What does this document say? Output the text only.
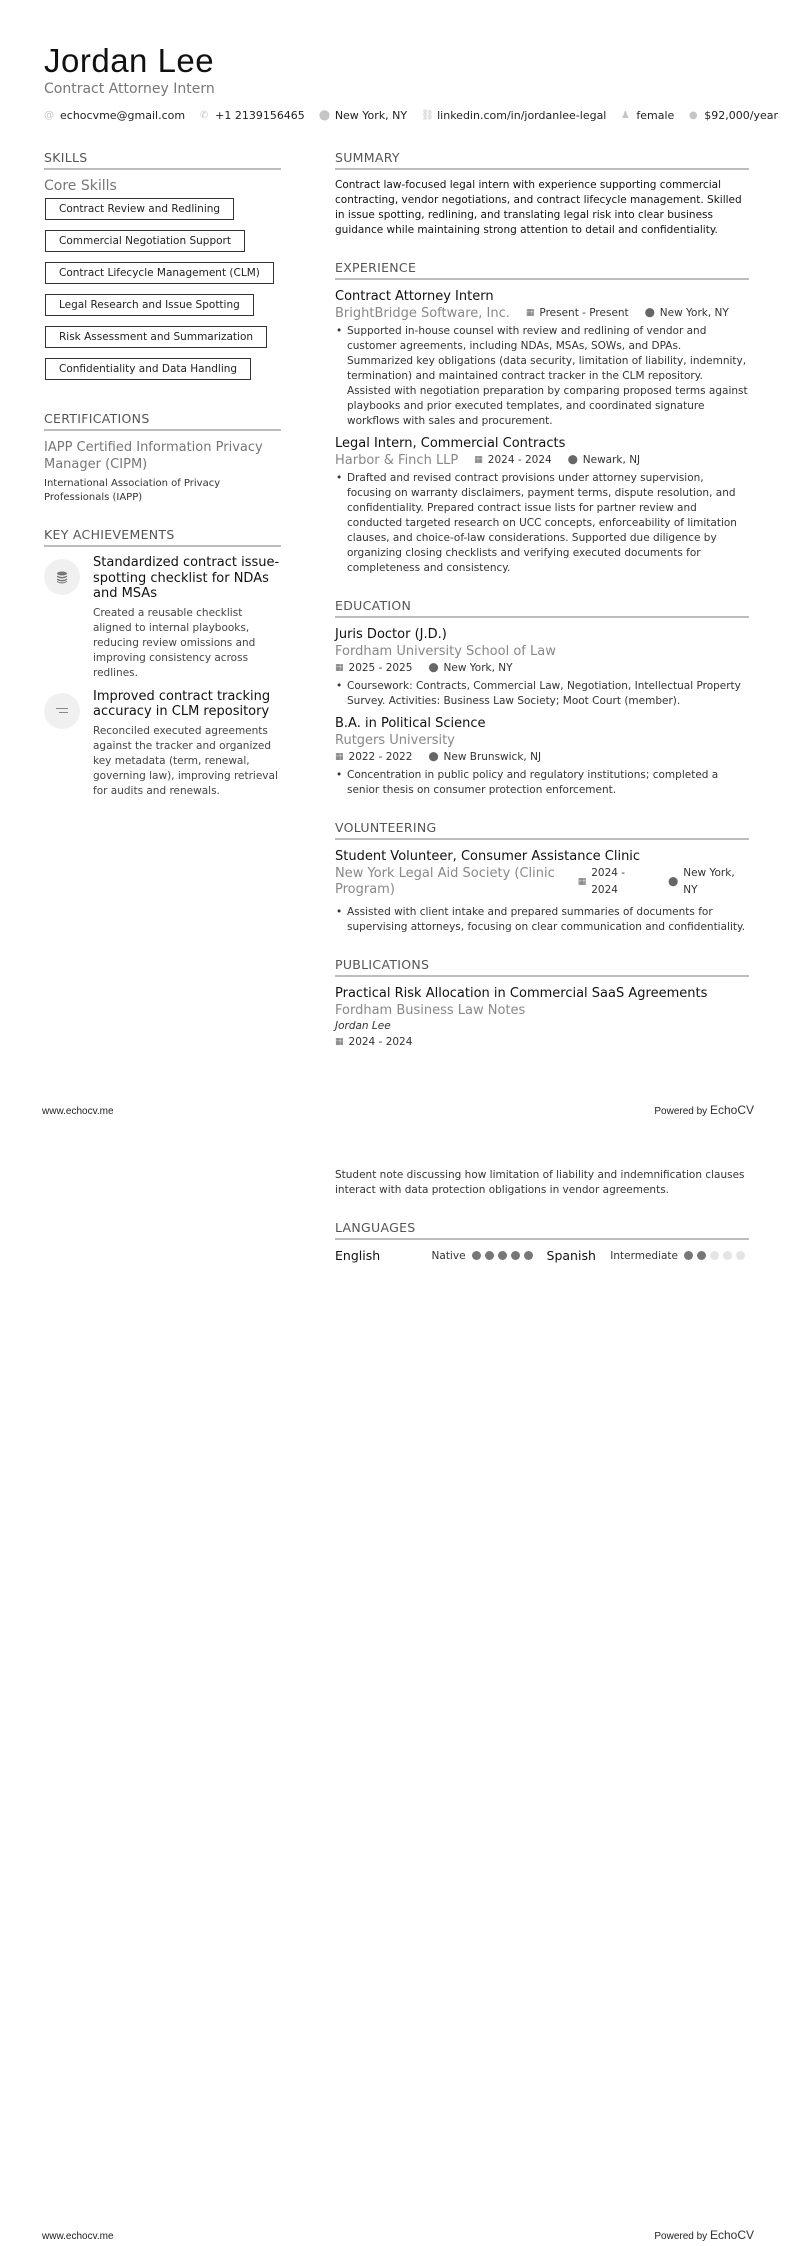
Jordan Lee
Contract Attorney Intern
@ echocvme@gmail.com ✆ +1 2139156465 ⬤ New York, NY ⛓ linkedin.com/in/jordanlee-legal ♟ female ● $92,000/year
SKILLS
Core Skills
Contract Review and Redlining
Commercial Negotiation Support
Contract Lifecycle Management (CLM)
Legal Research and Issue Spotting
Risk Assessment and Summarization
Confidentiality and Data Handling
CERTIFICATIONS
IAPP Certified Information Privacy Manager (CIPM)
International Association of Privacy Professionals (IAPP)
KEY ACHIEVEMENTS
Standardized contract issue-spotting checklist for NDAs and MSAs
Created a reusable checklist aligned to internal playbooks, reducing review omissions and improving consistency across redlines.
Improved contract tracking accuracy in CLM repository
Reconciled executed agreements against the tracker and organized key metadata (term, renewal, governing law), improving retrieval for audits and renewals.
SUMMARY
Contract law-focused legal intern with experience supporting commercial contracting, vendor negotiations, and contract lifecycle management. Skilled in issue spotting, redlining, and translating legal risk into clear business guidance while maintaining strong attention to detail and confidentiality.
EXPERIENCE
Contract Attorney Intern
BrightBridge Software, Inc. ▦ Present - Present ⬤ New York, NY
• Supported in-house counsel with review and redlining of vendor and customer agreements, including NDAs, MSAs, SOWs, and DPAs. Summarized key obligations (data security, limitation of liability, indemnity, termination) and maintained contract tracker in the CLM repository. Assisted with negotiation preparation by comparing proposed terms against playbooks and prior executed templates, and coordinated signature workflows with sales and procurement.
Legal Intern, Commercial Contracts
Harbor & Finch LLP ▦ 2024 - 2024 ⬤ Newark, NJ
• Drafted and revised contract provisions under attorney supervision, focusing on warranty disclaimers, payment terms, dispute resolution, and confidentiality. Prepared contract issue lists for partner review and conducted targeted research on UCC concepts, enforceability of limitation clauses, and choice-of-law considerations. Supported due diligence by organizing closing checklists and verifying executed documents for completeness and consistency.
EDUCATION
Juris Doctor (J.D.)
Fordham University School of Law
▦ 2025 - 2025 ⬤ New York, NY
• Coursework: Contracts, Commercial Law, Negotiation, Intellectual Property Survey. Activities: Business Law Society; Moot Court (member).
B.A. in Political Science
Rutgers University
▦ 2022 - 2022 ⬤ New Brunswick, NJ
• Concentration in public policy and regulatory institutions; completed a senior thesis on consumer protection enforcement.
VOLUNTEERING
Student Volunteer, Consumer Assistance Clinic
New York Legal Aid Society (Clinic Program)
▦
2024 - 2024
⬤
New York, NY
• Assisted with client intake and prepared summaries of documents for supervising attorneys, focusing on clear communication and confidentiality.
PUBLICATIONS
Practical Risk Allocation in Commercial SaaS Agreements
Fordham Business Law Notes
Jordan Lee
▦ 2024 - 2024
www.echocv.me	Powered by EchoCV
Student note discussing how limitation of liability and indemnification clauses interact with data protection obligations in vendor agreements.
LANGUAGES
English	Native	Spanish	Intermediate
www.echocv.me	Powered by EchoCV
